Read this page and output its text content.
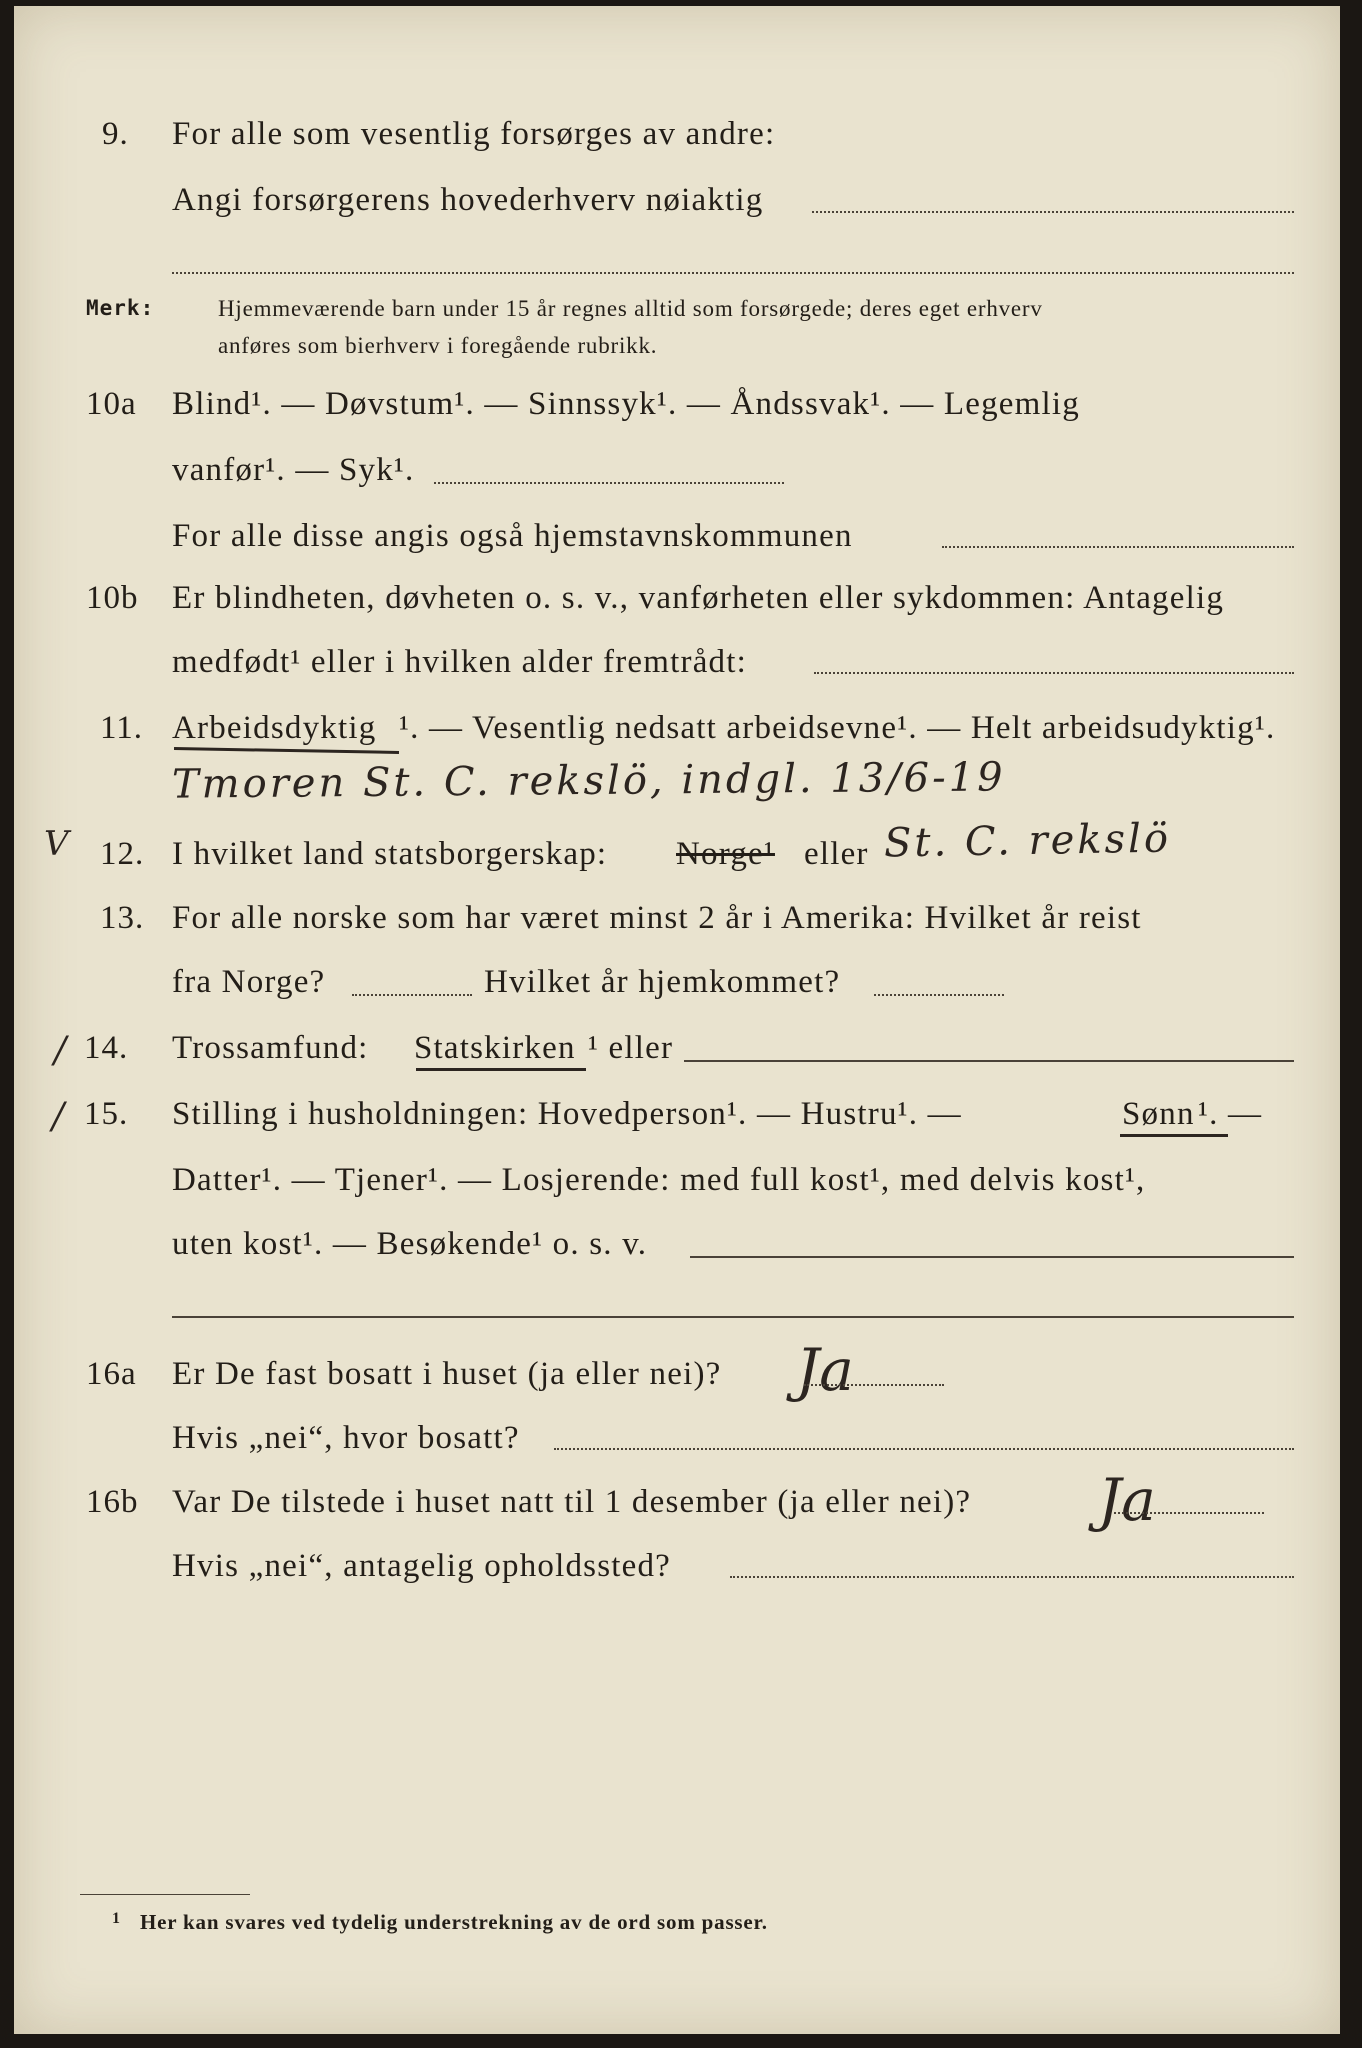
9. For alle som vesentlig forsørges av andre:
Angi forsørgerens hovederhverv nøiaktig
Merk:	Hjemmeværende barn under 15 år regnes alltid som forsørgede; deres eget erhverv
anføres som bierhverv i foregående rubrikk.
10a Blind¹. — Døvstum¹. — Sinnssyk¹. — Åndssvak¹. — Legemlig
vanfør¹. — Syk¹.
For alle disse angis også hjemstavnskommunen
10b Er blindheten, døvheten o. s. v., vanførheten eller sykdommen: Antagelig
medfødt¹ eller i hvilken alder fremtrådt:
11. Arbeidsdyktig ¹. — Vesentlig nedsatt arbeidsevne¹. — Helt arbeidsudyktig¹.
Tmoren St. C. rekslö, indgl. 13/6-19
V 12. I hvilket land statsborgerskap: Norge¹ eller St. C. rekslö
13. For alle norske som har været minst 2 år i Amerika: Hvilket år reist
fra Norge?	Hvilket år hjemkommet?
/ 14. Trossamfund: Statskirken ¹ eller
/ 15. Stilling i husholdningen: Hovedperson¹. — Hustru¹. —	Sønn ¹. —
Datter¹. — Tjener¹. — Losjerende: med full kost¹, med delvis kost¹,
uten kost¹. — Besøkende¹ o. s. v.
16a Er De fast bosatt i huset (ja eller nei)? Ja
Hvis „nei“, hvor bosatt?
16b Var De tilstede i huset natt til 1 desember (ja eller nei)? Ja
Hvis „nei“, antagelig opholdssted?
1 Her kan svares ved tydelig understrekning av de ord som passer.
